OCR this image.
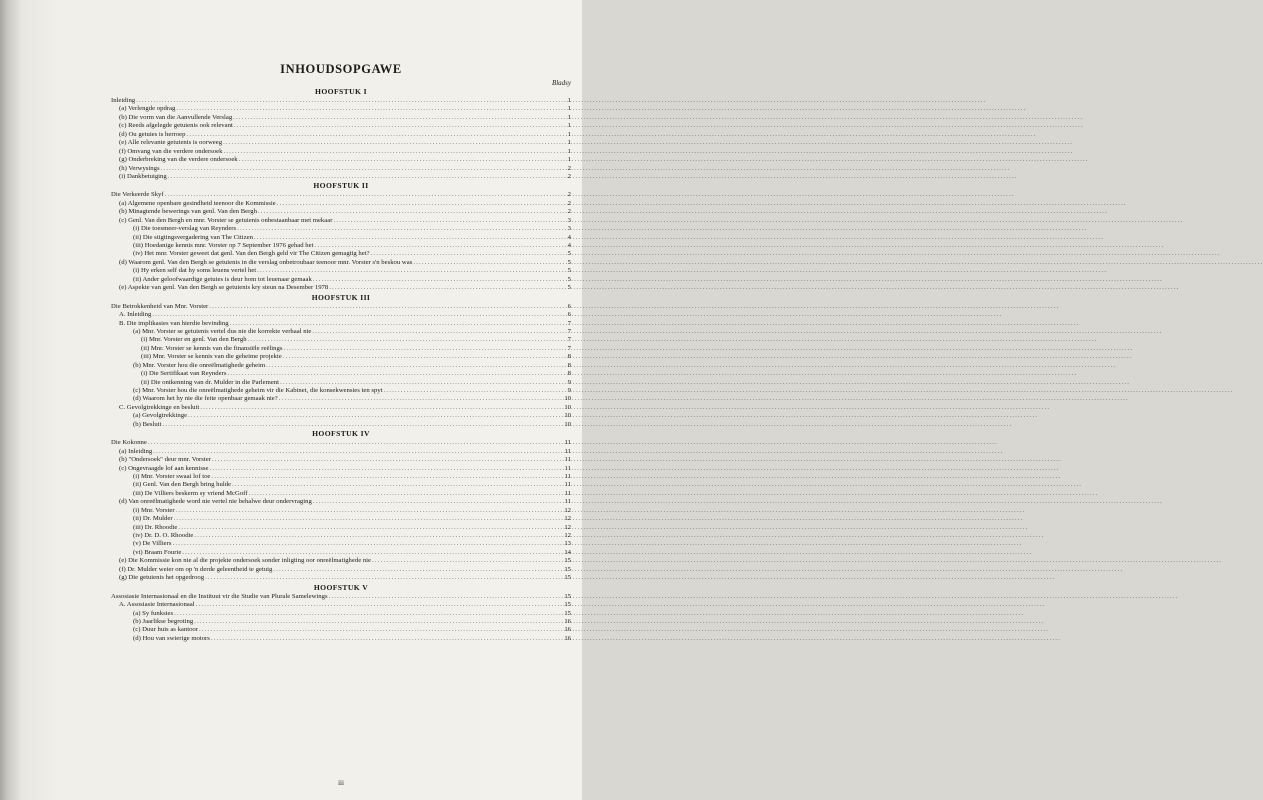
INHOUDSOPGAWE
Bladsy
HOOFSTUK I
Inleiding .....	1
(a) Verlengde opdrag .....	1
(b) Die vorm van die Aanvullende Verslag .....	1
(c) Reeds afgelegde getuienis ook relevant .....	1
(d) Ou getuies is herroep .....	1
(e) Alle relevante getuienis is oorweeg .....	1
(f) Omvang van die verdere ondersoek .....	1
(g) Onderbreking van die verdere ondersoek .....	1
(h) Verwysings .....	2
(i) Dankbetuiging .....	2
HOOFSTUK II
Die Verkeerde Skyf .....	2
(a) Algemene openbare gesindheid teenoor die Kommissie .....	2
(b) Minagtende bewerings van genl. Van den Bergh .....	2
(c) Genl. Van den Bergh en mnr. Vorster se getuienis onbestaanbaar met mekaar .....	3
(i) Die toesmeer-verslag van Reynders .....	3
(ii) Die stigtingsvergadering van The Citizen .....	4
(iii) Hoedanige kennis mnr. Vorster op 7 September 1976 gehad het .....	4
(iv) Het mnr. Vorster geweet dat genl. Van den Bergh geld vir The Citizen gemagtig het? .....	5
(d) Waarom genl. Van den Bergh se getuienis in die verslag onbetroubaar teenoor mnr. Vorster s'n beskou was .....	5
(i) Hy erken self dat hy soms leuens vertel het .....	5
(ii) Ander geloofwaardige getuies is deur hom tot leuenaar gemaak .....	5
(e) Aspekte van genl. Van den Bergh se getuienis kry steun na Desember 1978 .....	5
HOOFSTUK III
Die Betrokkenheid van Mnr. Vorster .....	6
A. Inleiding .....	6
B. Die implikasies van hierdie bevinding .....	7
(a) Mnr. Vorster se getuienis vertel dus nie die korrekte verhaal nie .....	7
(i) Mnr. Vorster en genl. Van den Bergh .....	7
(ii) Mnr. Vorster se kennis van die finansiële reëlings .....	7
(iii) Mnr. Vorster se kennis van die geheime projekte .....	8
(b) Mnr. Vorster hou die onreëlmatighede geheim .....	8
(i) Die Sertifikaat van Reynders .....	8
(ii) Die ontkenning van dr. Mulder in die Parlement .....	9
(c) Mnr. Vorster hou die onreëlmatighede geheim vir die Kabinet, die konsekwensies ten spyt .....	9
(d) Waarom het hy nie die feite openbaar gemaak nie? .....	10
C. Gevolgtrekkinge en besluit .....	10
(a) Gevolgtrekkinge .....	10
(b) Besluit .....	10
HOOFSTUK IV
Die Kokonne .....	11
(a) Inleiding .....	11
(b) "Ondersoek" deur mnr. Vorster .....	11
(c) Ongevraagde lof aan kennisse .....	11
(i) Mnr. Vorster swaai lof toe .....	11
(ii) Genl. Van den Bergh bring hulde .....	11
(iii) De Villiers beskerm sy vriend McGoff .....	11
(d) Van onreëlmatighede word nie vertel nie behalwe deur ondervraging .....	11
(i) Mnr. Vorster .....	12
(ii) Dr. Mulder .....	12
(iii) Dr. Rhoodie .....	12
(iv) Dr. D. O. Rhoodie .....	12
(v) De Villiers .....	13
(vi) Braam Fourie .....	14
(e) Die Kommissie kon nie al die projekte ondersoek sonder inligting oor onreëlmatighede nie .....	15
(f) Dr. Mulder weier om op 'n derde geleentheid te getuig .....	15
(g) Die getuienis het opgedroog .....	15
HOOFSTUK V
Assosiasie Internasionaal en die Instituut vir die Studie van Plurale Samelewings .....	15
A. Assosiasie Internasionaal .....	15
(a) Sy funksies .....	15
(b) Jaarlikse begroting .....	16
(c) Duur huis as kantoor .....	16
(d) Hou van swierige motors .....	16
iii
